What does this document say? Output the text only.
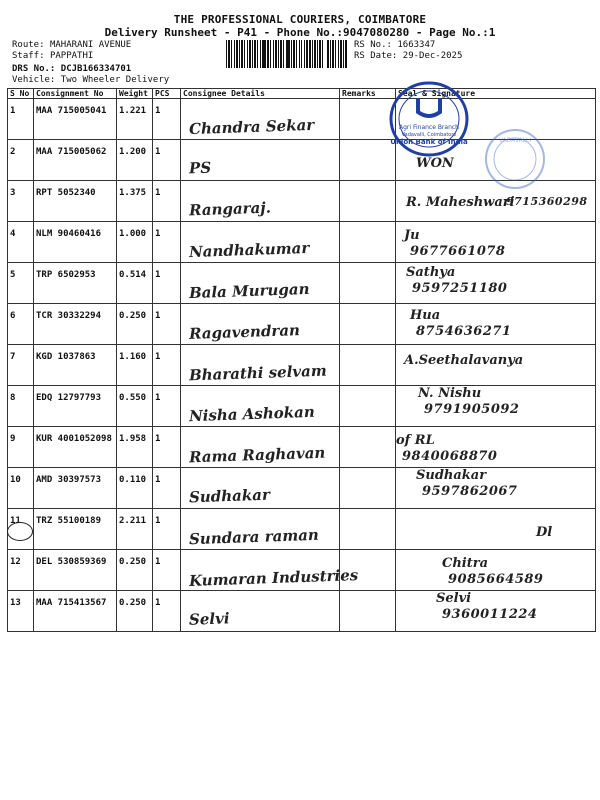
THE PROFESSIONAL COURIERS, COIMBATORE
Delivery Runsheet - P41 - Phone No.:9047080280 - Page No.:1
Route: MAHARANI AVENUE
Staff: PAPPATHI
DRS No.: DCJB166334701
Vehicle: Two Wheeler Delivery
RS No.: 1663347
RS Date: 29-Dec-2025
S No	Consignment No	Weight	PCS	Consignee Details	Remarks	Seal & Signature
1	MAA 715005041	1.221	1	Chandra Sekar		
2	MAA 715005062	1.200	1	PS		WON

3	RPT 5052340	1.375	1	Rangaraj.		R. Maheshwari
9715360298

4	NLM 90460416	1.000	1	Nandhakumar		Ju
9677661078

5	TRP 6502953	0.514	1	Bala Murugan		Sathya
9597251180

6	TCR 30332294	0.250	1	Ragavendran		Hua
8754636271

7	KGD 1037863	1.160	1	Bharathi selvam		A.Seethalavanya

8	EDQ 12797793	0.550	1	Nisha Ashokan		N. Nishu
9791905092

9	KUR 4001052098	1.958	1	Rama Raghavan		of RL
9840068870

10	AMD 30397573	0.110	1	Sudhakar		Sudhakar
9597862067

11	TRZ 55100189	2.211	1	Sundara raman		Dl

12	DEL 530859369	0.250	1	Kumaran Industries		Chitra
9085664589

13	MAA 715413567	0.250	1	Selvi		Selvi
9360011224
Agri Finance Branch
Vadavalli, Coimbatore
Union Bank of India	VADAVALLI
